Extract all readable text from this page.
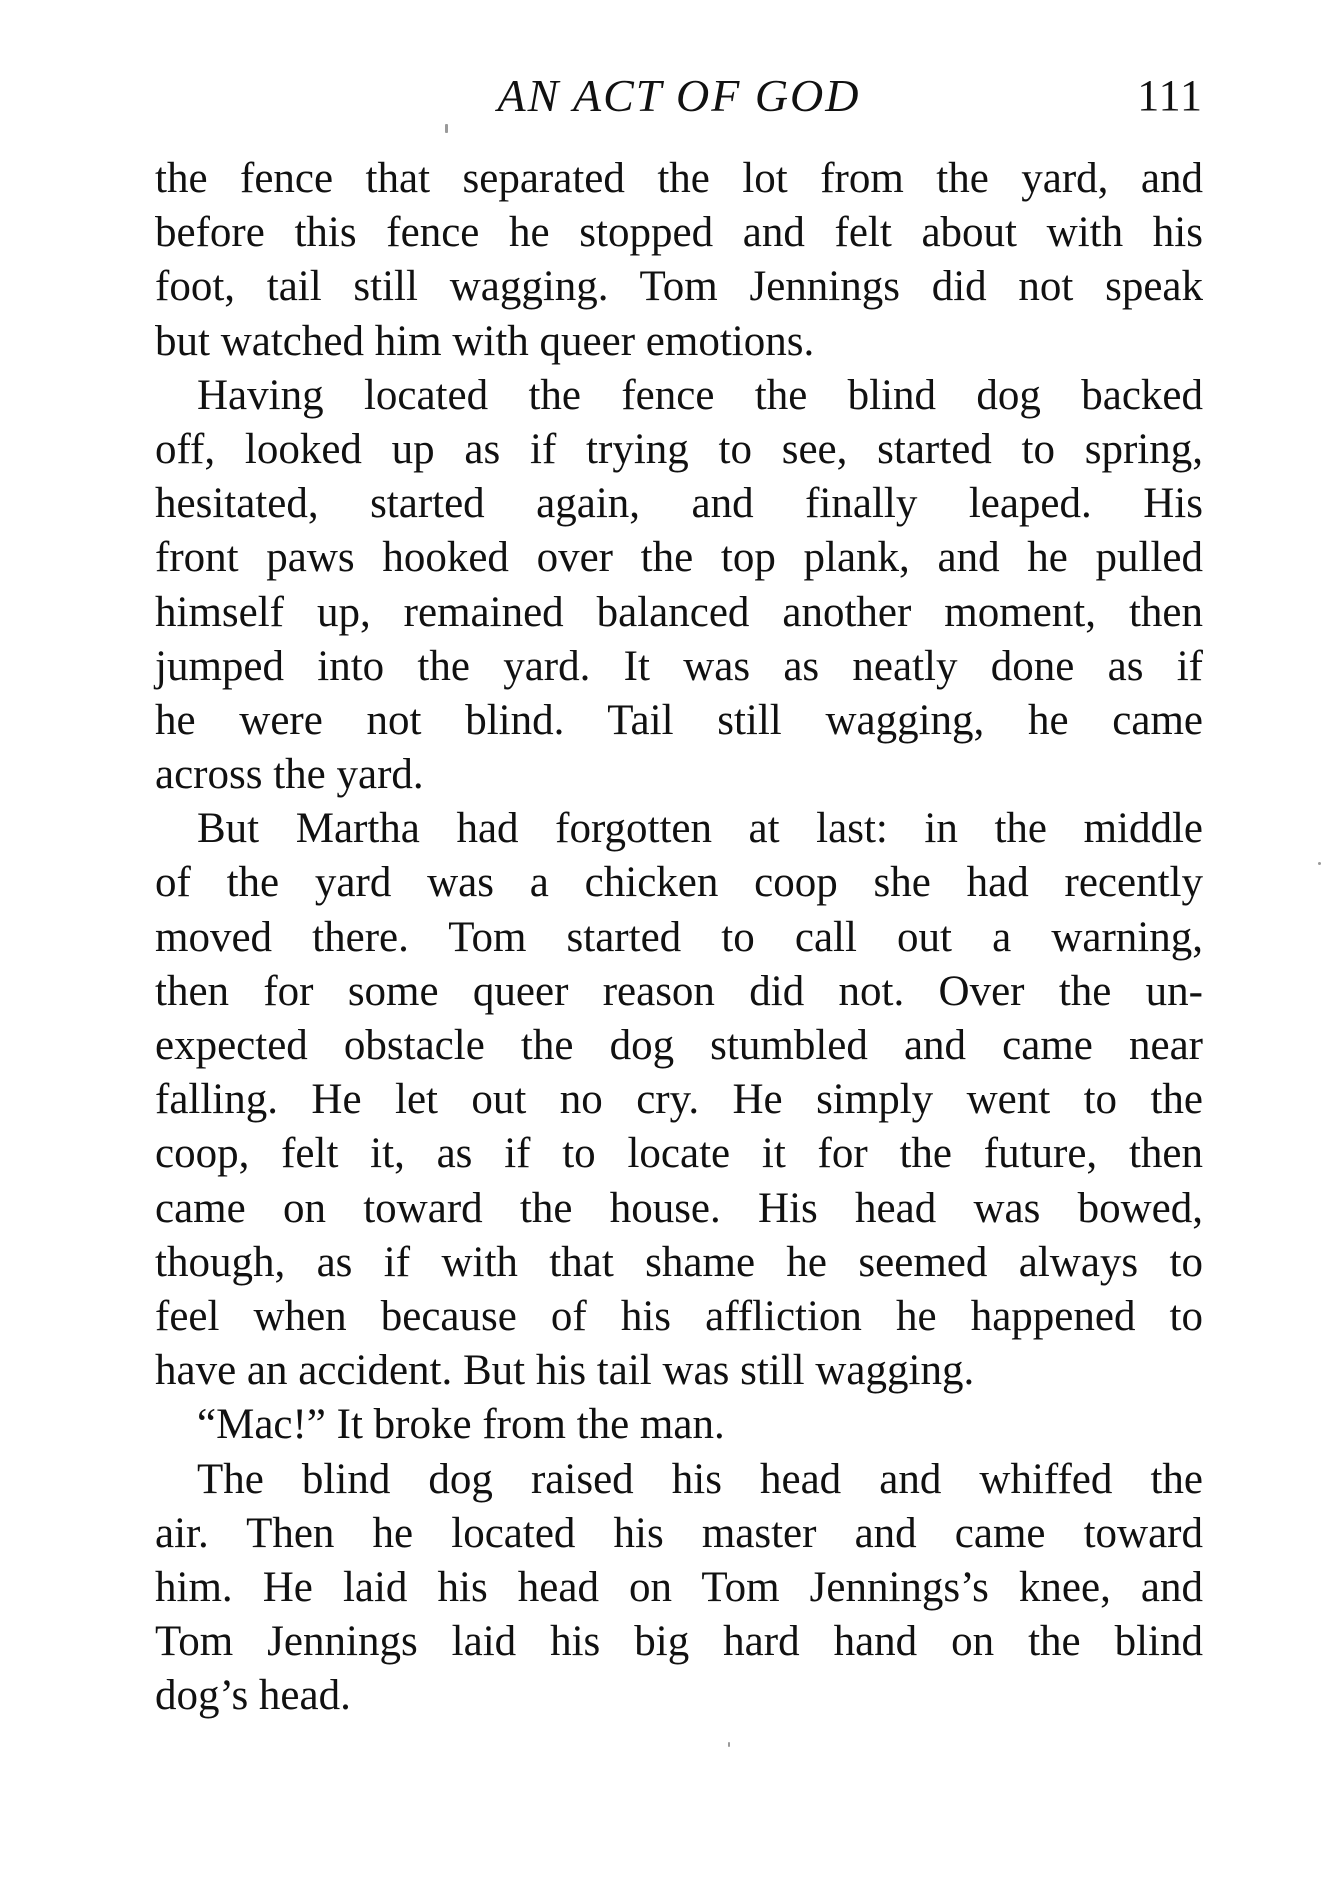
AN ACT OF GOD	111
the fence that separated the lot from the yard, and
before this fence he stopped and felt about with his
foot, tail still wagging. Tom Jennings did not speak
but watched him with queer emotions.
Having located the fence the blind dog backed
off, looked up as if trying to see, started to spring,
hesitated, started again, and finally leaped. His
front paws hooked over the top plank, and he pulled
himself up, remained balanced another moment, then
jumped into the yard. It was as neatly done as if
he were not blind. Tail still wagging, he came
across the yard.
But Martha had forgotten at last: in the middle
of the yard was a chicken coop she had recently
moved there. Tom started to call out a warning,
then for some queer reason did not. Over the un-
expected obstacle the dog stumbled and came near
falling. He let out no cry. He simply went to the
coop, felt it, as if to locate it for the future, then
came on toward the house. His head was bowed,
though, as if with that shame he seemed always to
feel when because of his affliction he happened to
have an accident. But his tail was still wagging.
“Mac!” It broke from the man.
The blind dog raised his head and whiffed the
air. Then he located his master and came toward
him. He laid his head on Tom Jennings’s knee, and
Tom Jennings laid his big hard hand on the blind
dog’s head.
